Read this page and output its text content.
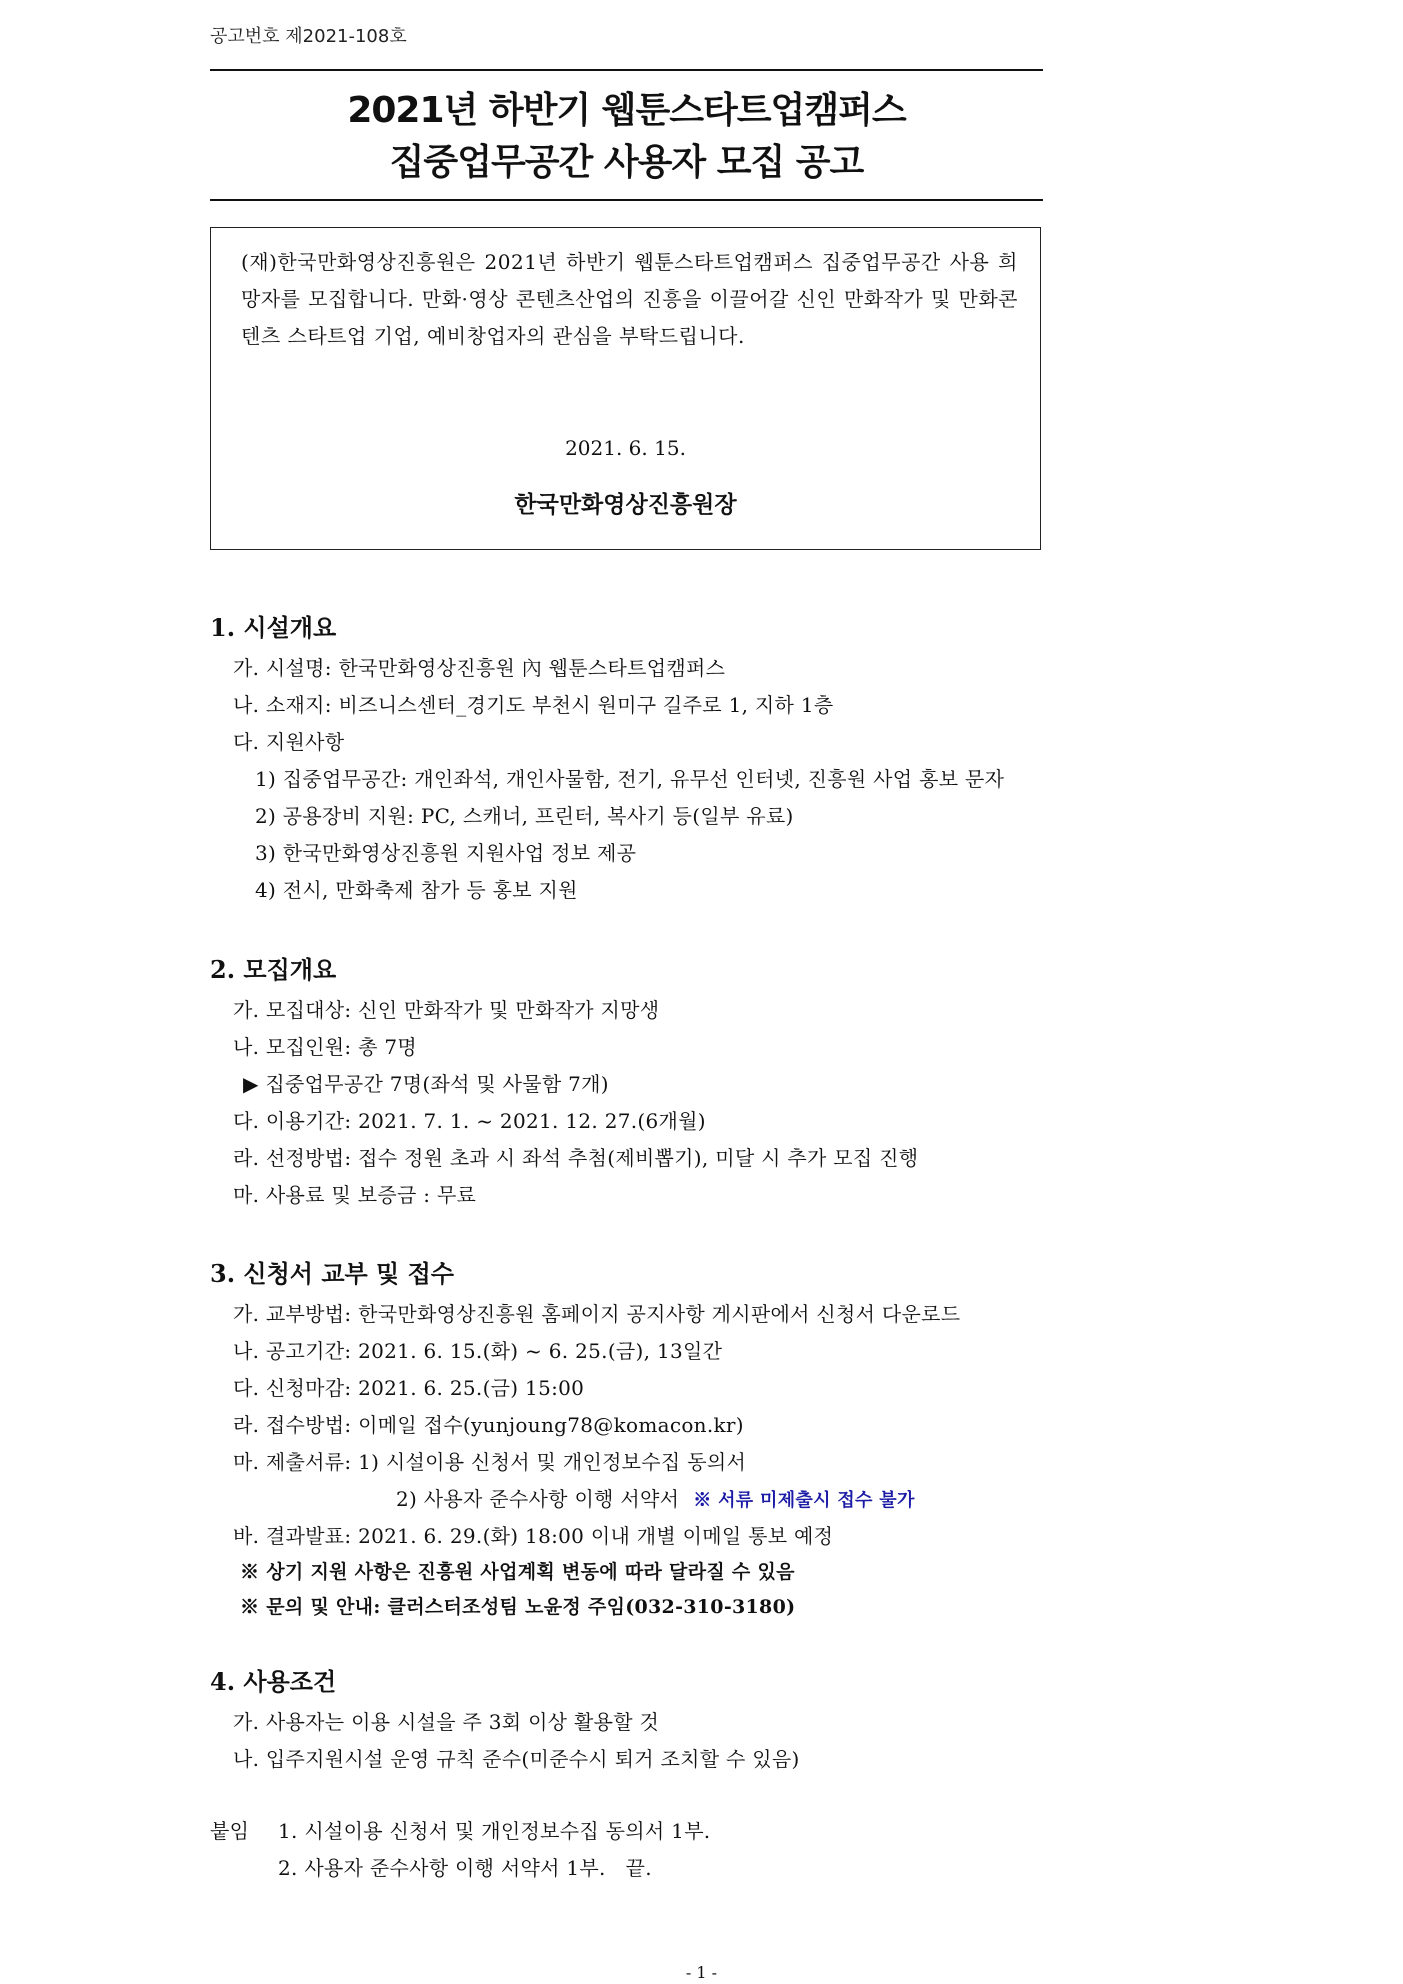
공고번호 제2021-108호
2021년 하반기 웹툰스타트업캠퍼스
집중업무공간 사용자 모집 공고
(재)한국만화영상진흥원은 2021년 하반기 웹툰스타트업캠퍼스 집중업무공간 사용 희망자를 모집합니다. 만화·영상 콘텐츠산업의 진흥을 이끌어갈 신인 만화작가 및 만화콘텐츠 스타트업 기업, 예비창업자의 관심을 부탁드립니다.
2021. 6. 15.
한국만화영상진흥원장
1. 시설개요
가. 시설명: 한국만화영상진흥원 內 웹툰스타트업캠퍼스
나. 소재지: 비즈니스센터_경기도 부천시 원미구 길주로 1, 지하 1층
다. 지원사항
1) 집중업무공간: 개인좌석, 개인사물함, 전기, 유무선 인터넷, 진흥원 사업 홍보 문자
2) 공용장비 지원: PC, 스캐너, 프린터, 복사기 등(일부 유료)
3) 한국만화영상진흥원 지원사업 정보 제공
4) 전시, 만화축제 참가 등 홍보 지원
2. 모집개요
가. 모집대상: 신인 만화작가 및 만화작가 지망생
나. 모집인원: 총 7명
▶ 집중업무공간 7명(좌석 및 사물함 7개)
다. 이용기간: 2021. 7. 1. ~ 2021. 12. 27.(6개월)
라. 선정방법: 접수 정원 초과 시 좌석 추첨(제비뽑기), 미달 시 추가 모집 진행
마. 사용료 및 보증금 : 무료
3. 신청서 교부 및 접수
가. 교부방법: 한국만화영상진흥원 홈페이지 공지사항 게시판에서 신청서 다운로드
나. 공고기간: 2021. 6. 15.(화) ~ 6. 25.(금), 13일간
다. 신청마감: 2021. 6. 25.(금) 15:00
라. 접수방법: 이메일 접수(yunjoung78@komacon.kr)
마. 제출서류: 1) 시설이용 신청서 및 개인정보수집 동의서
2) 사용자 준수사항 이행 서약서 ※ 서류 미제출시 접수 불가
바. 결과발표: 2021. 6. 29.(화) 18:00 이내 개별 이메일 통보 예정
※ 상기 지원 사항은 진흥원 사업계획 변동에 따라 달라질 수 있음
※ 문의 및 안내: 클러스터조성팀 노윤정 주임(032-310-3180)
4. 사용조건
가. 사용자는 이용 시설을 주 3회 이상 활용할 것
나. 입주지원시설 운영 규칙 준수(미준수시 퇴거 조치할 수 있음)
붙임 1. 시설이용 신청서 및 개인정보수집 동의서 1부.
2. 사용자 준수사항 이행 서약서 1부.   끝.
- 1 -
